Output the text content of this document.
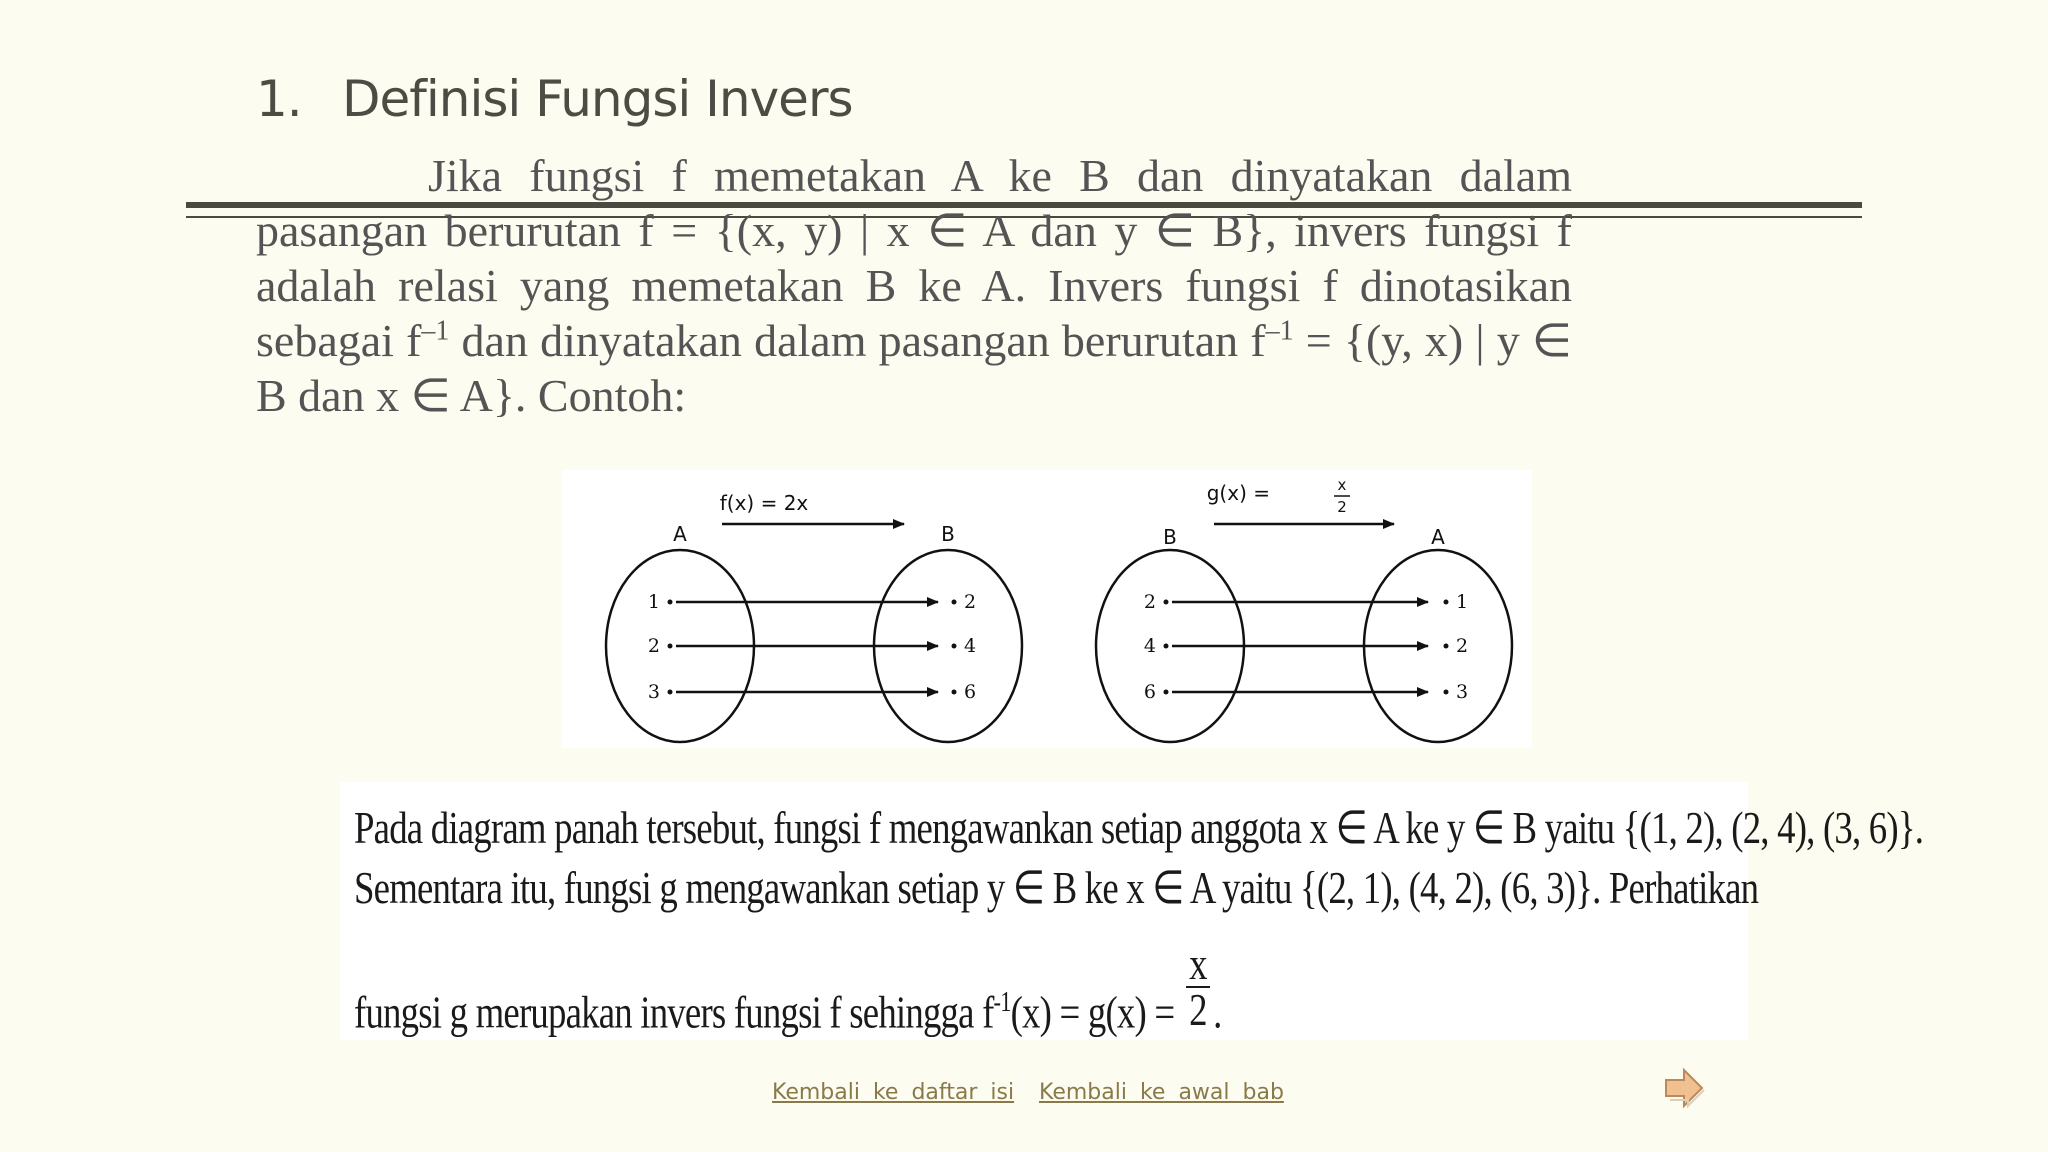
1. Definisi Fungsi Invers

Jika fungsi f memetakan A ke B dan dinyatakan dalam pasangan berurutan f = {(x, y) | x ∈ A dan y ∈ B}, invers fungsi f adalah relasi yang memetakan B ke A. Invers fungsi f dinotasikan sebagai $f^{-1}$ dan dinyatakan dalam pasangan berurutan $f^{-1} = \{(y$, x) | y ∈ B dan x ∈ A}. Contoh:

f(x) = 2x
A	B
1
2
3
2
4
6
g(x) =	x
2
B	A
2
4
6
1
2
3
Pada diagram panah tersebut, fungsi f mengawankan setiap anggota x ∈ A ke y ∈ B yaitu {(1, 2), (2, 4), (3, 6)}.
Sementara itu, fungsi g mengawankan setiap y ∈ B ke x ∈ A yaitu {(2, 1), (4, 2), (6, 3)}. Perhatikan
fungsi g merupakan invers fungsi f sehingga $f^{-1}(x) = g(x) = \frac{x}{2}$ .
Kembali ke daftar isi Kembali ke awal bab
